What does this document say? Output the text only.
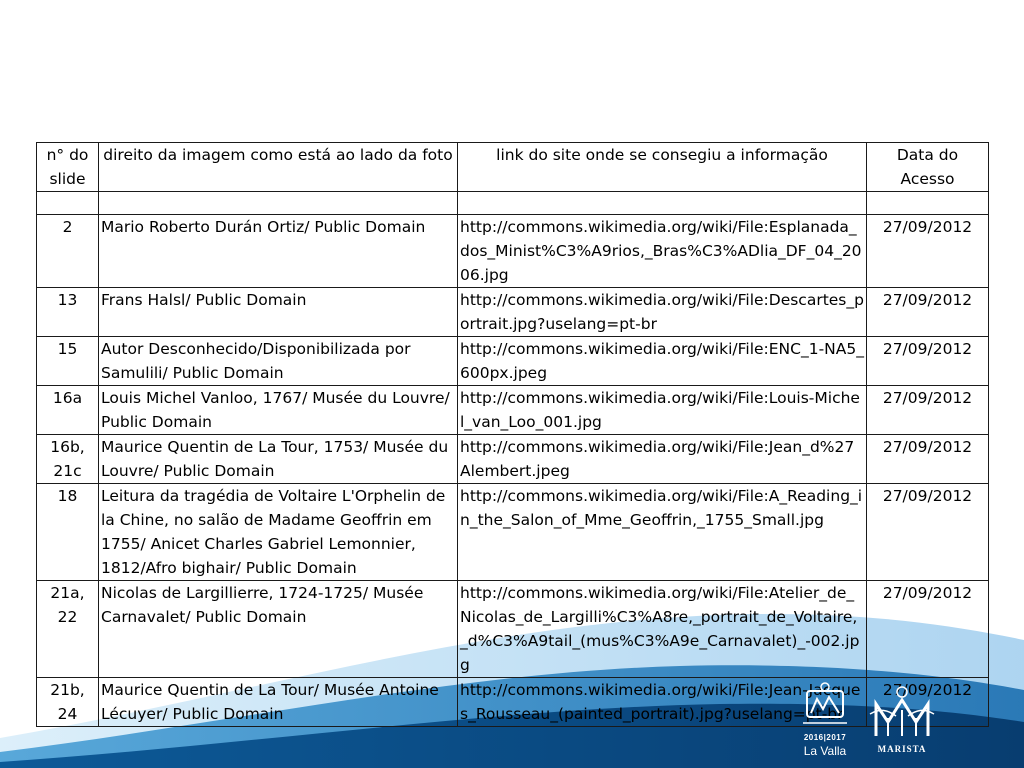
n° do slide	direito da imagem como está ao lado da foto	link do site onde se consegiu a informação	Data do Acesso

2	Mario Roberto Durán Ortiz/ Public Domain	http://commons.wikimedia.org/wiki/File:Esplanada_dos_Minist%C3%A9rios,_Bras%C3%ADlia_DF_04_2006.jpg	27/09/2012
13	Frans Halsl/ Public Domain	http://commons.wikimedia.org/wiki/File:Descartes_portrait.jpg?uselang=pt-br	27/09/2012
15	Autor Desconhecido/Disponibilizada por Samulili/ Public Domain	http://commons.wikimedia.org/wiki/File:ENC_1-NA5_600px.jpeg	27/09/2012
16a	Louis Michel Vanloo, 1767/ Musée du Louvre/ Public Domain	http://commons.wikimedia.org/wiki/File:Louis-Michel_van_Loo_001.jpg	27/09/2012
16b, 21c	Maurice Quentin de La Tour, 1753/ Musée du Louvre/ Public Domain	http://commons.wikimedia.org/wiki/File:Jean_d%27Alembert.jpeg	27/09/2012
18	Leitura da tragédia de Voltaire L'Orphelin de la Chine, no salão de Madame Geoffrin em 1755/ Anicet Charles Gabriel Lemonnier, 1812/Afro bighair/ Public Domain	http://commons.wikimedia.org/wiki/File:A_Reading_in_the_Salon_of_Mme_Geoffrin,_1755_Small.jpg	27/09/2012
21a, 22	Nicolas de Largillierre, 1724-1725/ Musée Carnavalet/ Public Domain	http://commons.wikimedia.org/wiki/File:Atelier_de_Nicolas_de_Largilli%C3%A8re,_portrait_de_Voltaire,_d%C3%A9tail_(mus%C3%A9e_Carnavalet)_-002.jpg	27/09/2012
21b, 24	Maurice Quentin de La Tour/ Musée Antoine Lécuyer/ Public Domain	http://commons.wikimedia.org/wiki/File:Jean-Jacques_Rousseau_(painted_portrait).jpg?uselang=pt-br	27/09/2012
2016|2017
La Valla	MARISTA
